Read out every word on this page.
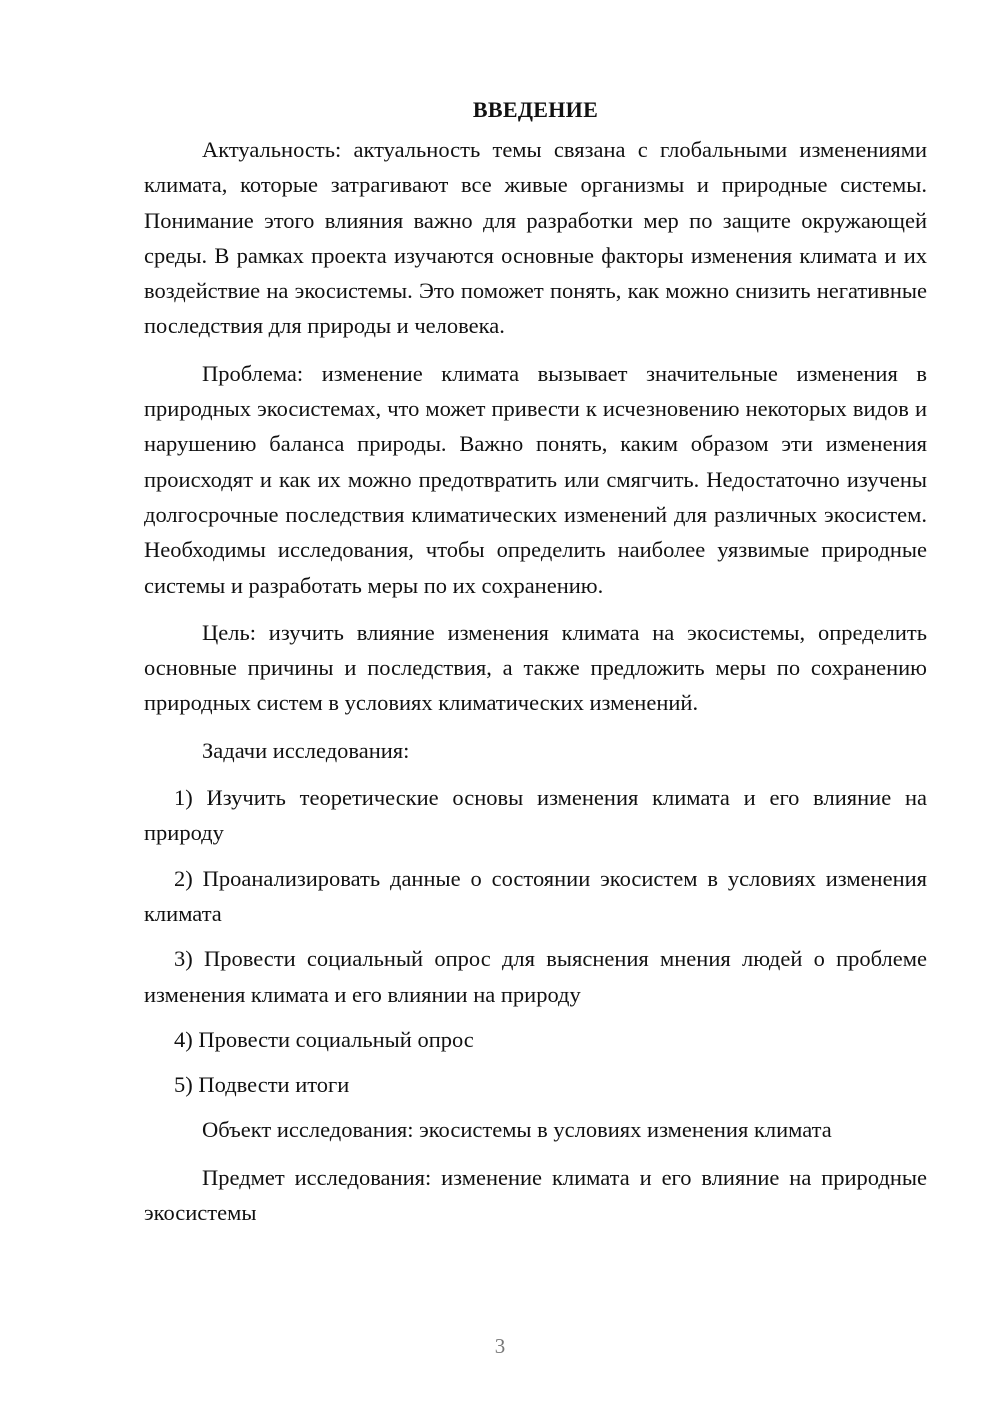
ВВЕДЕНИЕ

Актуальность: актуальность темы связана с глобальными изменениями климата, которые затрагивают все живые организмы и природные системы. Понимание этого влияния важно для разработки мер по защите окружающей среды. В рамках проекта изучаются основные факторы изменения климата и их воздействие на экосистемы. Это поможет понять, как можно снизить негативные последствия для природы и человека.

Проблема: изменение климата вызывает значительные изменения в природных экосистемах, что может привести к исчезновению некоторых видов и нарушению баланса природы. Важно понять, каким образом эти изменения происходят и как их можно предотвратить или смягчить. Недостаточно изучены долгосрочные последствия климатических изменений для различных экосистем. Необходимы исследования, чтобы определить наиболее уязвимые природные системы и разработать меры по их сохранению.

Цель: изучить влияние изменения климата на экосистемы, определить основные причины и последствия, а также предложить меры по сохранению природных систем в условиях климатических изменений.

Задачи исследования:

1) Изучить теоретические основы изменения климата и его влияние на природу

2) Проанализировать данные о состоянии экосистем в условиях изменения климата

3) Провести социальный опрос для выяснения мнения людей о проблеме изменения климата и его влиянии на природу

4) Провести социальный опрос

5) Подвести итоги

Объект исследования: экосистемы в условиях изменения климата

Предмет исследования: изменение климата и его влияние на природные экосистемы

3
